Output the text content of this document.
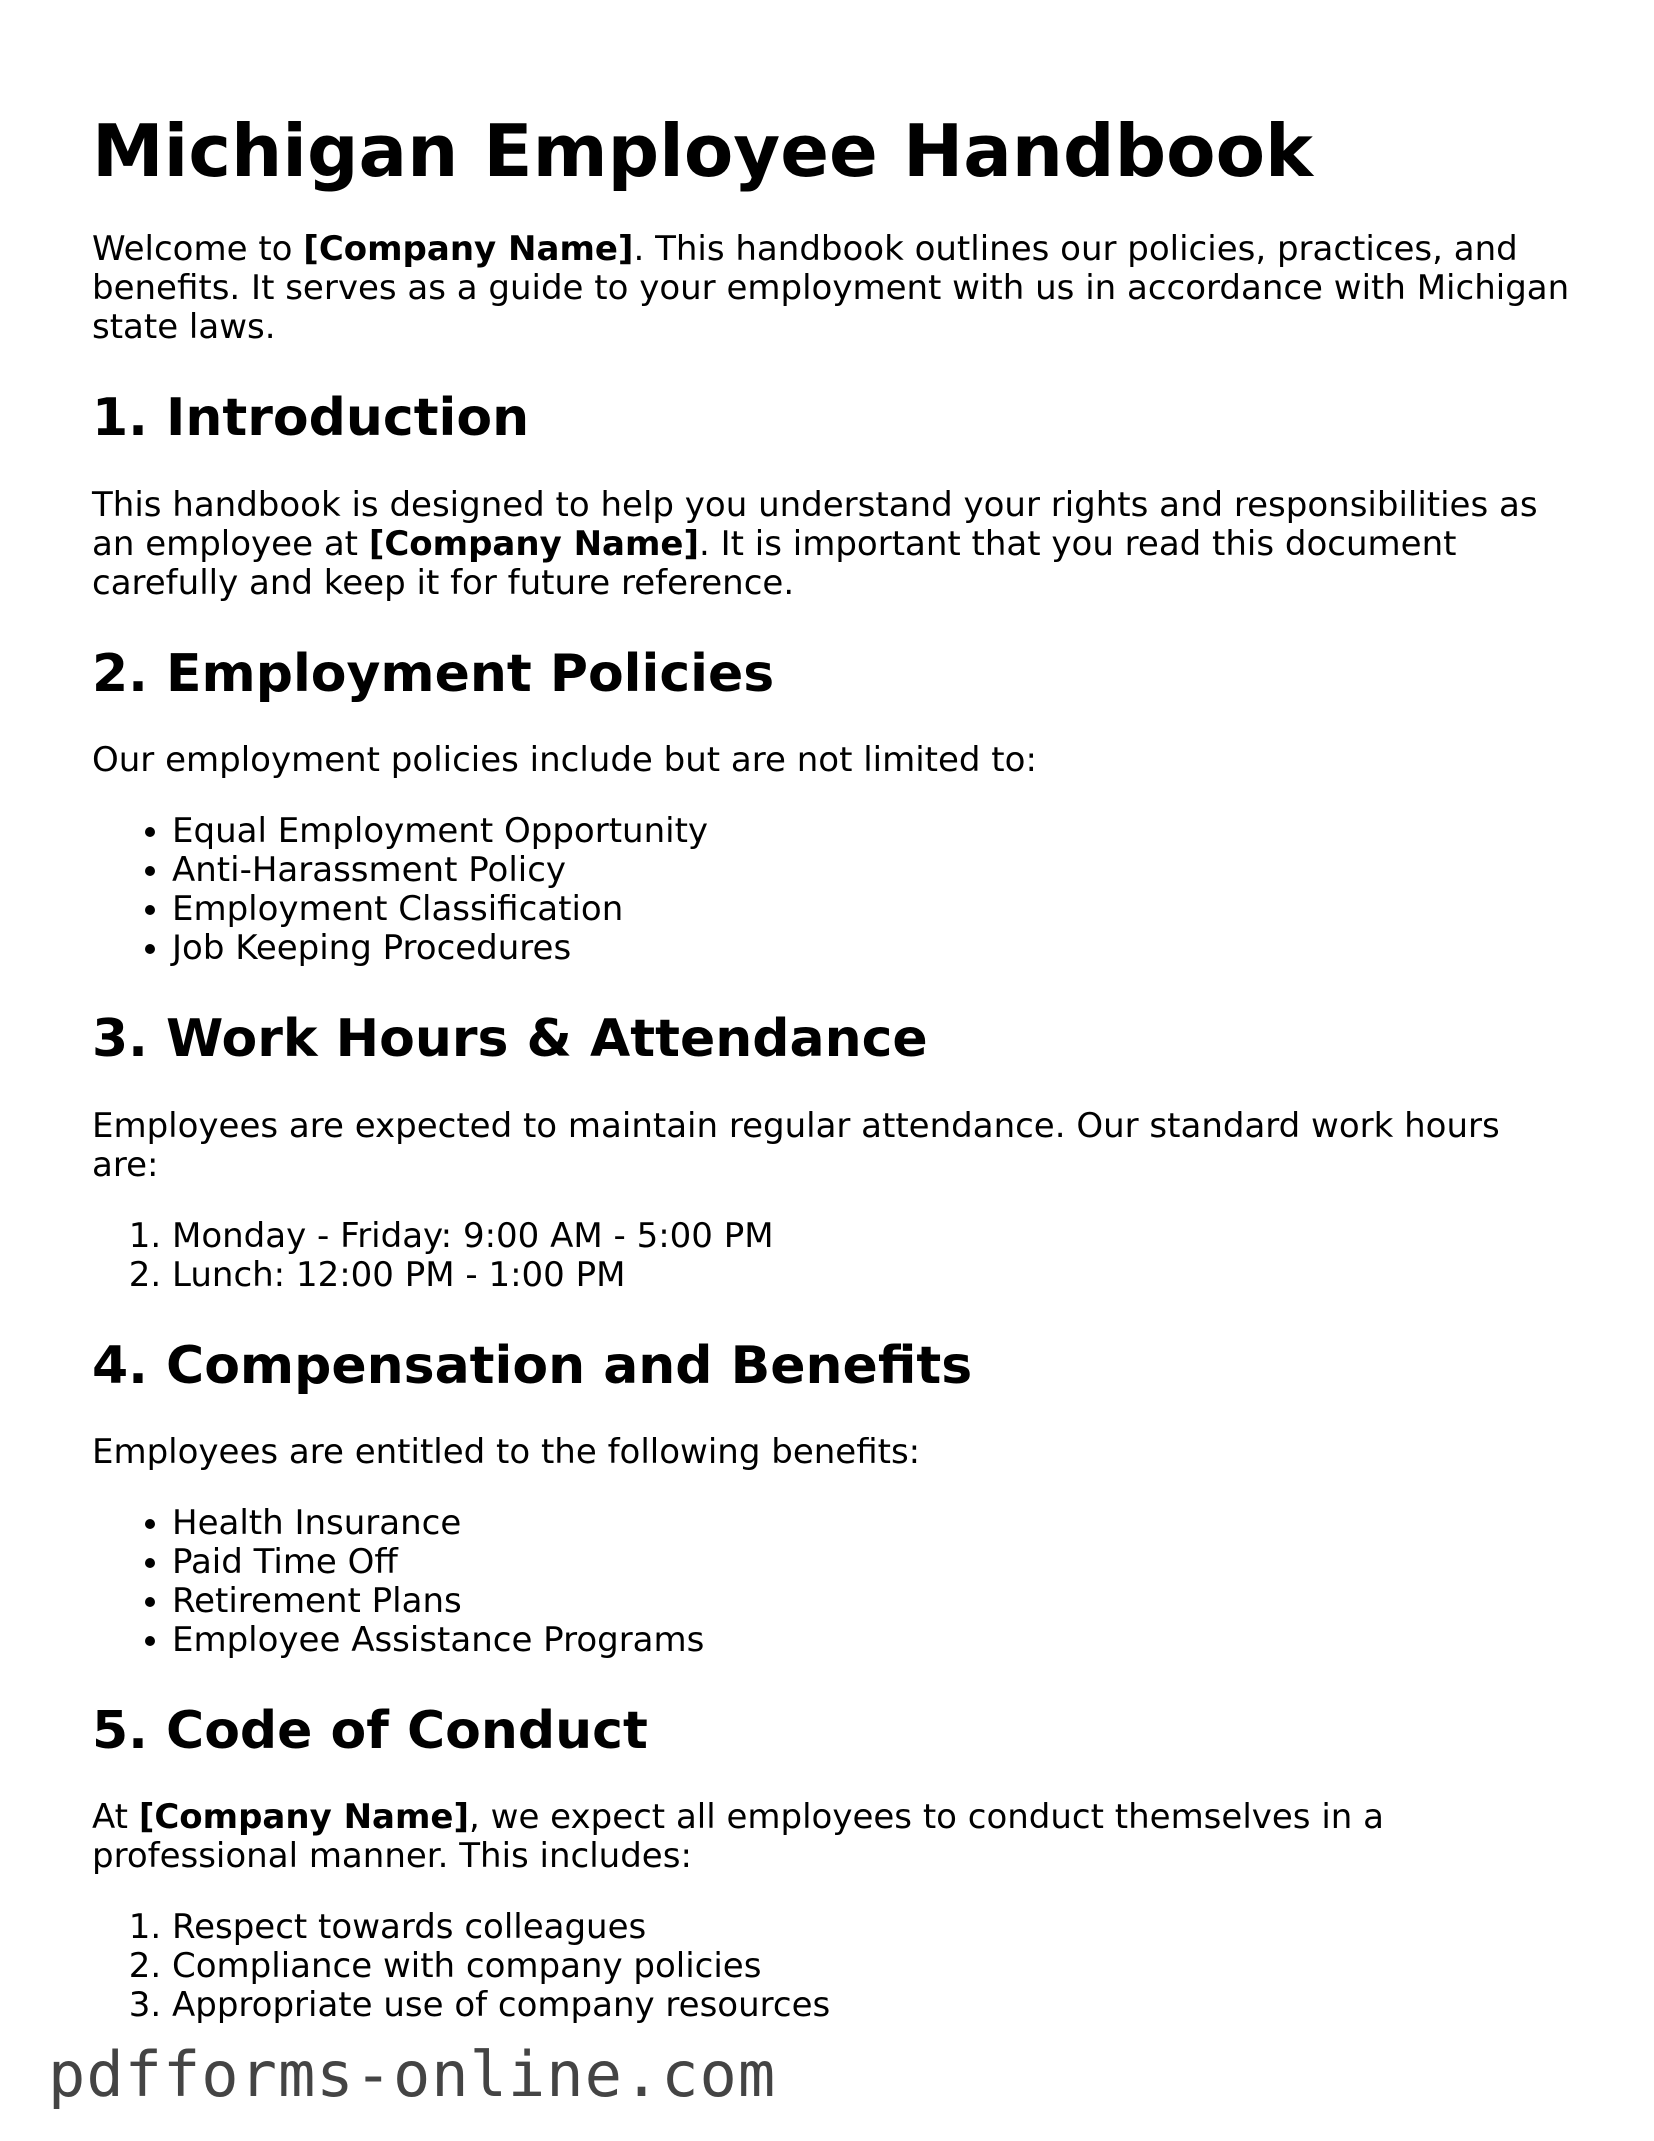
Michigan Employee Handbook

Welcome to [Company Name]. This handbook outlines our policies, practices, and benefits. It serves as a guide to your employment with us in accordance with Michigan state laws.

1. Introduction

This handbook is designed to help you understand your rights and responsibilities as an employee at [Company Name]. It is important that you read this document carefully and keep it for future reference.

2. Employment Policies

Our employment policies include but are not limited to:

• Equal Employment Opportunity
• Anti-Harassment Policy
• Employment Classification
• Job Keeping Procedures
3. Work Hours & Attendance

Employees are expected to maintain regular attendance. Our standard work hours are:

1. Monday - Friday: 9:00 AM - 5:00 PM
2. Lunch: 12:00 PM - 1:00 PM
4. Compensation and Benefits

Employees are entitled to the following benefits:

• Health Insurance
• Paid Time Off
• Retirement Plans
• Employee Assistance Programs
5. Code of Conduct

At [Company Name], we expect all employees to conduct themselves in a professional manner. This includes:

1. Respect towards colleagues
2. Compliance with company policies
3. Appropriate use of company resources
pdfforms-online.com
